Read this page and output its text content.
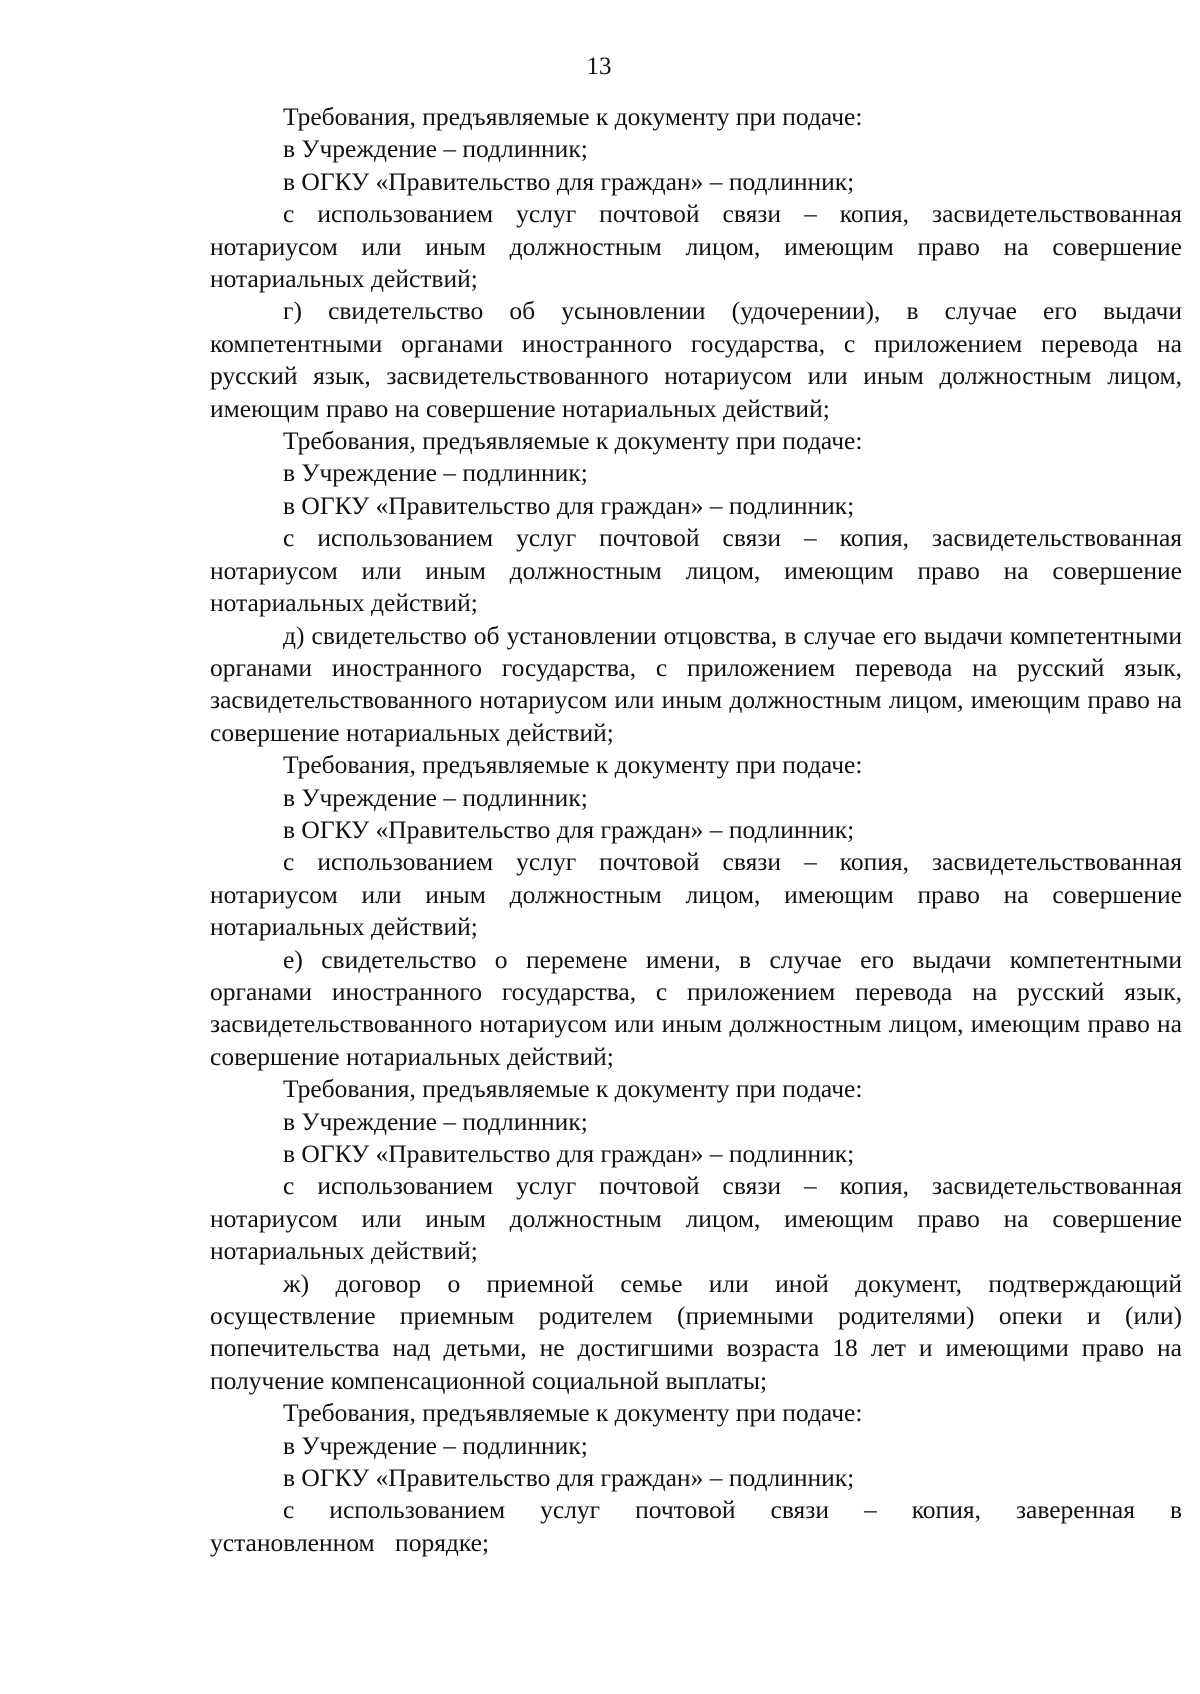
13

Требования, предъявляемые к документу при подаче:

в Учреждение – подлинник;

в ОГКУ «Правительство для граждан» – подлинник;

с использованием услуг почтовой связи – копия, засвидетельствованная нотариусом или иным должностным лицом, имеющим право на совершение нотариальных действий;

г) свидетельство об усыновлении (удочерении), в случае его выдачи компетентными органами иностранного государства, с приложением перевода на русский язык, засвидетельствованного нотариусом или иным должностным лицом, имеющим право на совершение нотариальных действий;

Требования, предъявляемые к документу при подаче:

в Учреждение – подлинник;

в ОГКУ «Правительство для граждан» – подлинник;

с использованием услуг почтовой связи – копия, засвидетельствованная нотариусом или иным должностным лицом, имеющим право на совершение нотариальных действий;

д) свидетельство об установлении отцовства, в случае его выдачи компетентными органами иностранного государства, с приложением перевода на русский язык, засвидетельствованного нотариусом или иным должностным лицом, имеющим право на совершение нотариальных действий;

Требования, предъявляемые к документу при подаче:

в Учреждение – подлинник;

в ОГКУ «Правительство для граждан» – подлинник;

с использованием услуг почтовой связи – копия, засвидетельствованная нотариусом или иным должностным лицом, имеющим право на совершение нотариальных действий;

е) свидетельство о перемене имени, в случае его выдачи компетентными органами иностранного государства, с приложением перевода на русский язык, засвидетельствованного нотариусом или иным должностным лицом, имеющим право на совершение нотариальных действий;

Требования, предъявляемые к документу при подаче:

в Учреждение – подлинник;

в ОГКУ «Правительство для граждан» – подлинник;

с использованием услуг почтовой связи – копия, засвидетельствованная нотариусом или иным должностным лицом, имеющим право на совершение нотариальных действий;

ж) договор о приемной семье или иной документ, подтверждающий осуществление приемным родителем (приемными родителями) опеки и (или) попечительства над детьми, не достигшими возраста 18 лет и имеющими право на получение компенсационной социальной выплаты;

Требования, предъявляемые к документу при подаче:

в Учреждение – подлинник;

в ОГКУ «Правительство для граждан» – подлинник;

с использованием услуг почтовой связи – копия, заверенная в установленном порядке;
